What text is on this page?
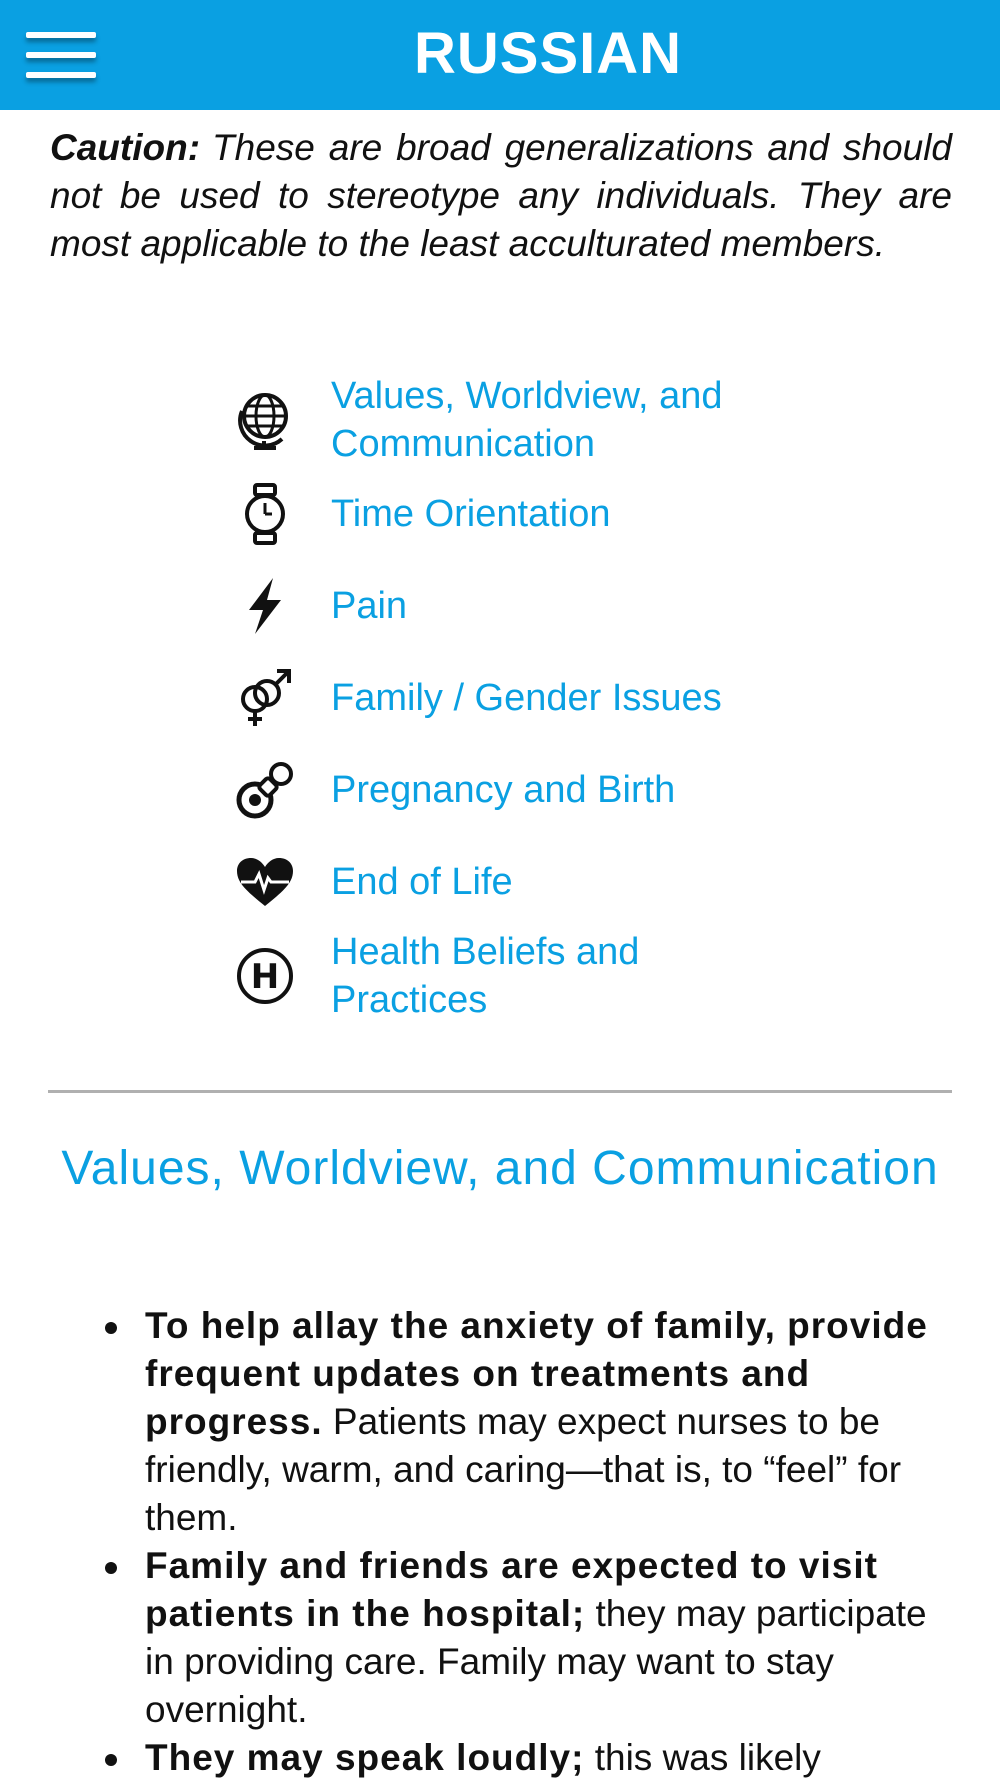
RUSSIAN

Caution: These are broad generalizations and should not be used to stereotype any individuals. They are most applicable to the least acculturated members.

Values, Worldview, and Communication
Time Orientation
Pain
Family / Gender Issues
Pregnancy and Birth
End of Life
H
Health Beliefs and Practices
Values, Worldview, and Communication
To help allay the anxiety of family, provide frequent updates on treatments and progress. Patients may expect nurses to be friendly, warm, and caring—that is, to “feel” for them.
Family and friends are expected to visit patients in the hospital; they may participate in providing care. Family may want to stay overnight.
They may speak loudly; this was likely
